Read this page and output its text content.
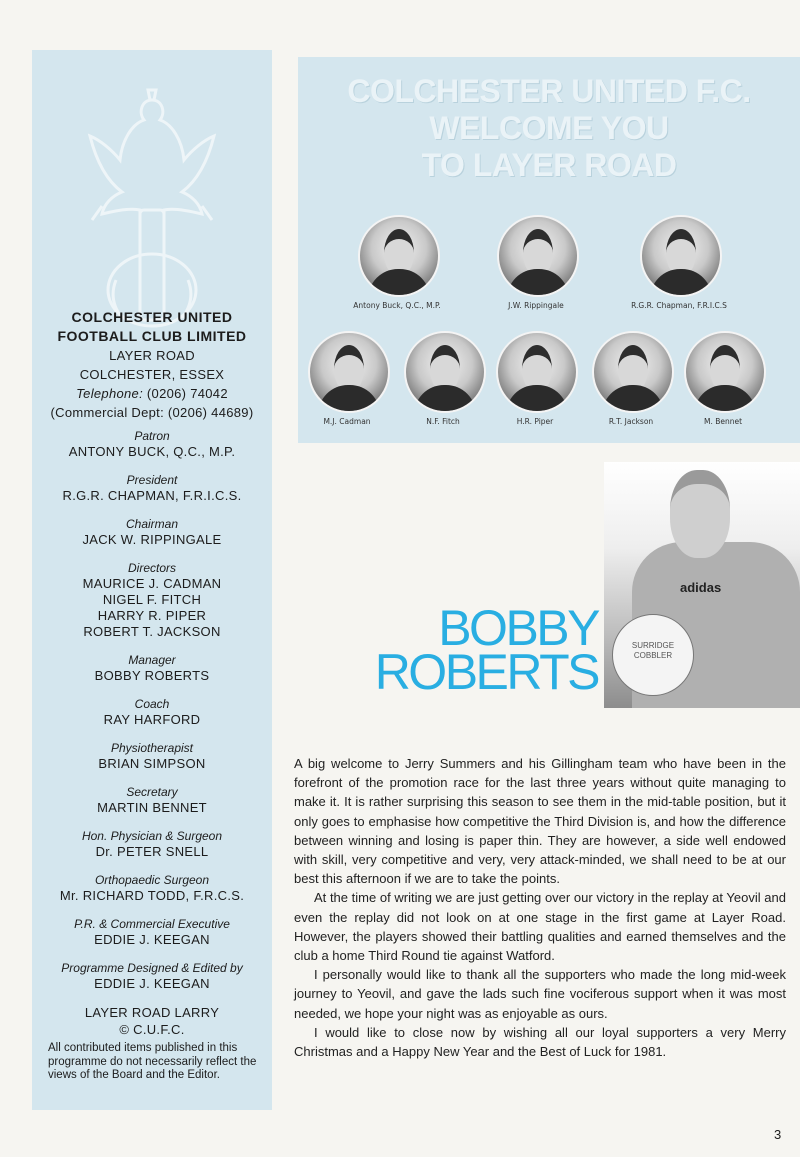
COLCHESTER UNITED
FOOTBALL CLUB LIMITED
LAYER ROAD
COLCHESTER, ESSEX
Telephone: (0206) 74042
(Commercial Dept: (0206) 44689)
Patron
ANTONY BUCK, Q.C., M.P.
President
R.G.R. CHAPMAN, F.R.I.C.S.
Chairman
JACK W. RIPPINGALE
Directors
MAURICE J. CADMAN
NIGEL F. FITCH
HARRY R. PIPER
ROBERT T. JACKSON
Manager
BOBBY ROBERTS
Coach
RAY HARFORD
Physiotherapist
BRIAN SIMPSON
Secretary
MARTIN BENNET
Hon. Physician & Surgeon
Dr. PETER SNELL
Orthopaedic Surgeon
Mr. RICHARD TODD, F.R.C.S.
P.R. & Commercial Executive
EDDIE J. KEEGAN
Programme Designed & Edited by
EDDIE J. KEEGAN
LAYER ROAD LARRY
© C.U.F.C.
All contributed items published in this programme do not necessarily reflect the views of the Board and the Editor.
COLCHESTER UNITED F.C.
WELCOME YOU
TO LAYER ROAD
Antony Buck, Q.C., M.P.	J.W. Rippingale	R.G.R. Chapman, F.R.I.C.S
M.J. Cadman	N.F. Fitch	H.R. Piper	R.T. Jackson	M. Bennet
adidas
SURRIDGE
COBBLER
BOBBY
ROBERTS

A big welcome to Jerry Summers and his Gillingham team who have been in the forefront of the promotion race for the last three years without quite managing to make it. It is rather surprising this season to see them in the mid-table position, but it only goes to emphasise how competitive the Third Division is, and how the difference between winning and losing is paper thin. They are however, a side well endowed with skill, very competitive and very, very attack-minded, we shall need to be at our best this afternoon if we are to take the points.

At the time of writing we are just getting over our victory in the replay at Yeovil and even the replay did not look on at one stage in the first game at Layer Road. However, the players showed their battling qualities and earned themselves and the club a home Third Round tie against Watford.

I personally would like to thank all the supporters who made the long mid-week journey to Yeovil, and gave the lads such fine vociferous support when it was most needed, we hope your night was as enjoyable as ours.

I would like to close now by wishing all our loyal supporters a very Merry Christmas and a Happy New Year and the Best of Luck for 1981.

3
